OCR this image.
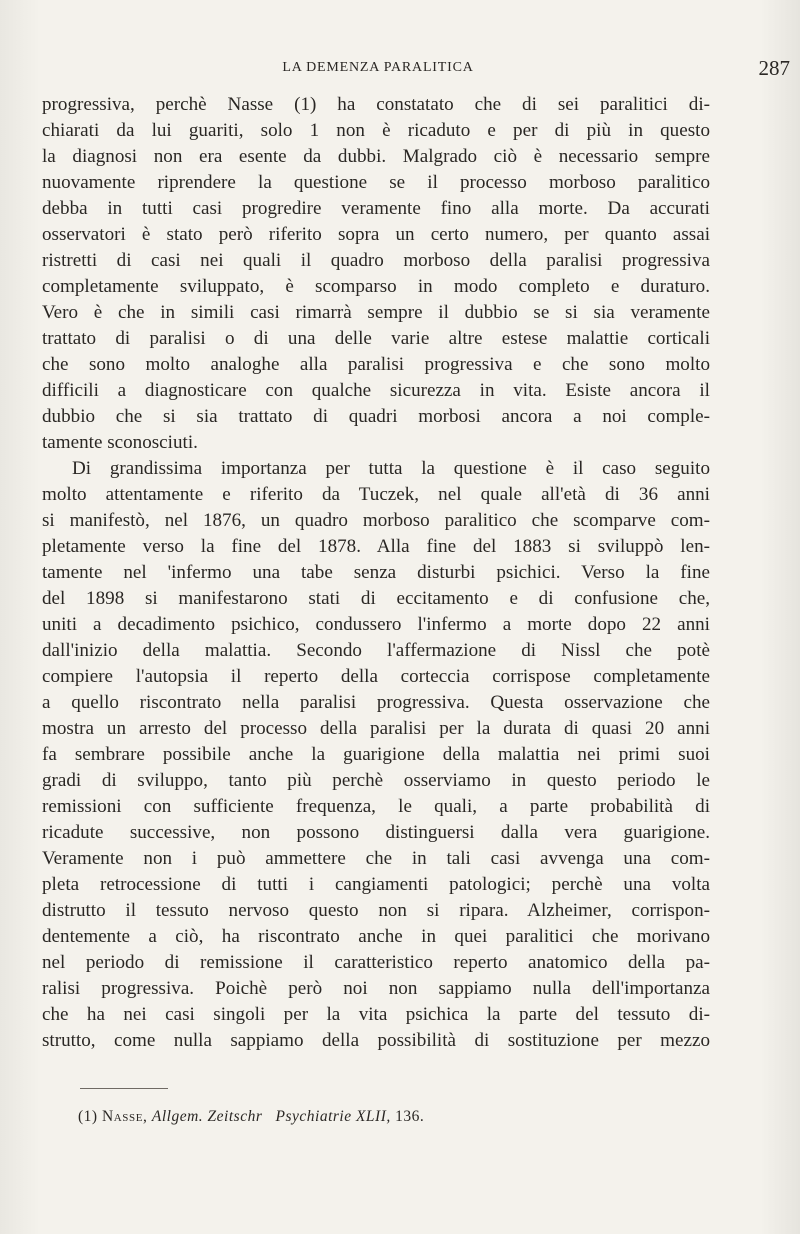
LA DEMENZA PARALITICA	287
progressiva, perchè Nasse (1) ha constatato che di sei paralitici di-
chiarati da lui guariti, solo 1 non è ricaduto e per di più in questo
la diagnosi non era esente da dubbi. Malgrado ciò è necessario sempre
nuovamente riprendere la questione se il processo morboso paralitico
debba in tutti casi progredire veramente fino alla morte. Da accurati
osservatori è stato però riferito sopra un certo numero, per quanto assai
ristretti di casi nei quali il quadro morboso della paralisi progressiva
completamente sviluppato, è scomparso in modo completo e duraturo.
Vero è che in simili casi rimarrà sempre il dubbio se si sia veramente
trattato di paralisi o di una delle varie altre estese malattie corticali
che sono molto analoghe alla paralisi progressiva e che sono molto
difficili a diagnosticare con qualche sicurezza in vita. Esiste ancora il
dubbio che si sia trattato di quadri morbosi ancora a noi comple-
tamente sconosciuti.
Di grandissima importanza per tutta la questione è il caso seguito
molto attentamente e riferito da Tuczek, nel quale all'età di 36 anni
si manifestò, nel 1876, un quadro morboso paralitico che scomparve com-
pletamente verso la fine del 1878. Alla fine del 1883 si sviluppò len-
tamente nel 'infermo una tabe senza disturbi psichici. Verso la fine
del 1898 si manifestarono stati di eccitamento e di confusione che,
uniti a decadimento psichico, condussero l'infermo a morte dopo 22 anni
dall'inizio della malattia. Secondo l'affermazione di Nissl che potè
compiere l'autopsia il reperto della corteccia corrispose completamente
a quello riscontrato nella paralisi progressiva. Questa osservazione che
mostra un arresto del processo della paralisi per la durata di quasi 20 anni
fa sembrare possibile anche la guarigione della malattia nei primi suoi
gradi di sviluppo, tanto più perchè osserviamo in questo periodo le
remissioni con sufficiente frequenza, le quali, a parte probabilità di
ricadute successive, non possono distinguersi dalla vera guarigione.
Veramente non i può ammettere che in tali casi avvenga una com-
pleta retrocessione di tutti i cangiamenti patologici; perchè una volta
distrutto il tessuto nervoso questo non si ripara. Alzheimer, corrispon-
dentemente a ciò, ha riscontrato anche in quei paralitici che morivano
nel periodo di remissione il caratteristico reperto anatomico della pa-
ralisi progressiva. Poichè però noi non sappiamo nulla dell'importanza
che ha nei casi singoli per la vita psichica la parte del tessuto di-
strutto, come nulla sappiamo della possibilità di sostituzione per mezzo
(1) Nasse, Allgem. Zeitschr Psychiatrie XLII, 136.
